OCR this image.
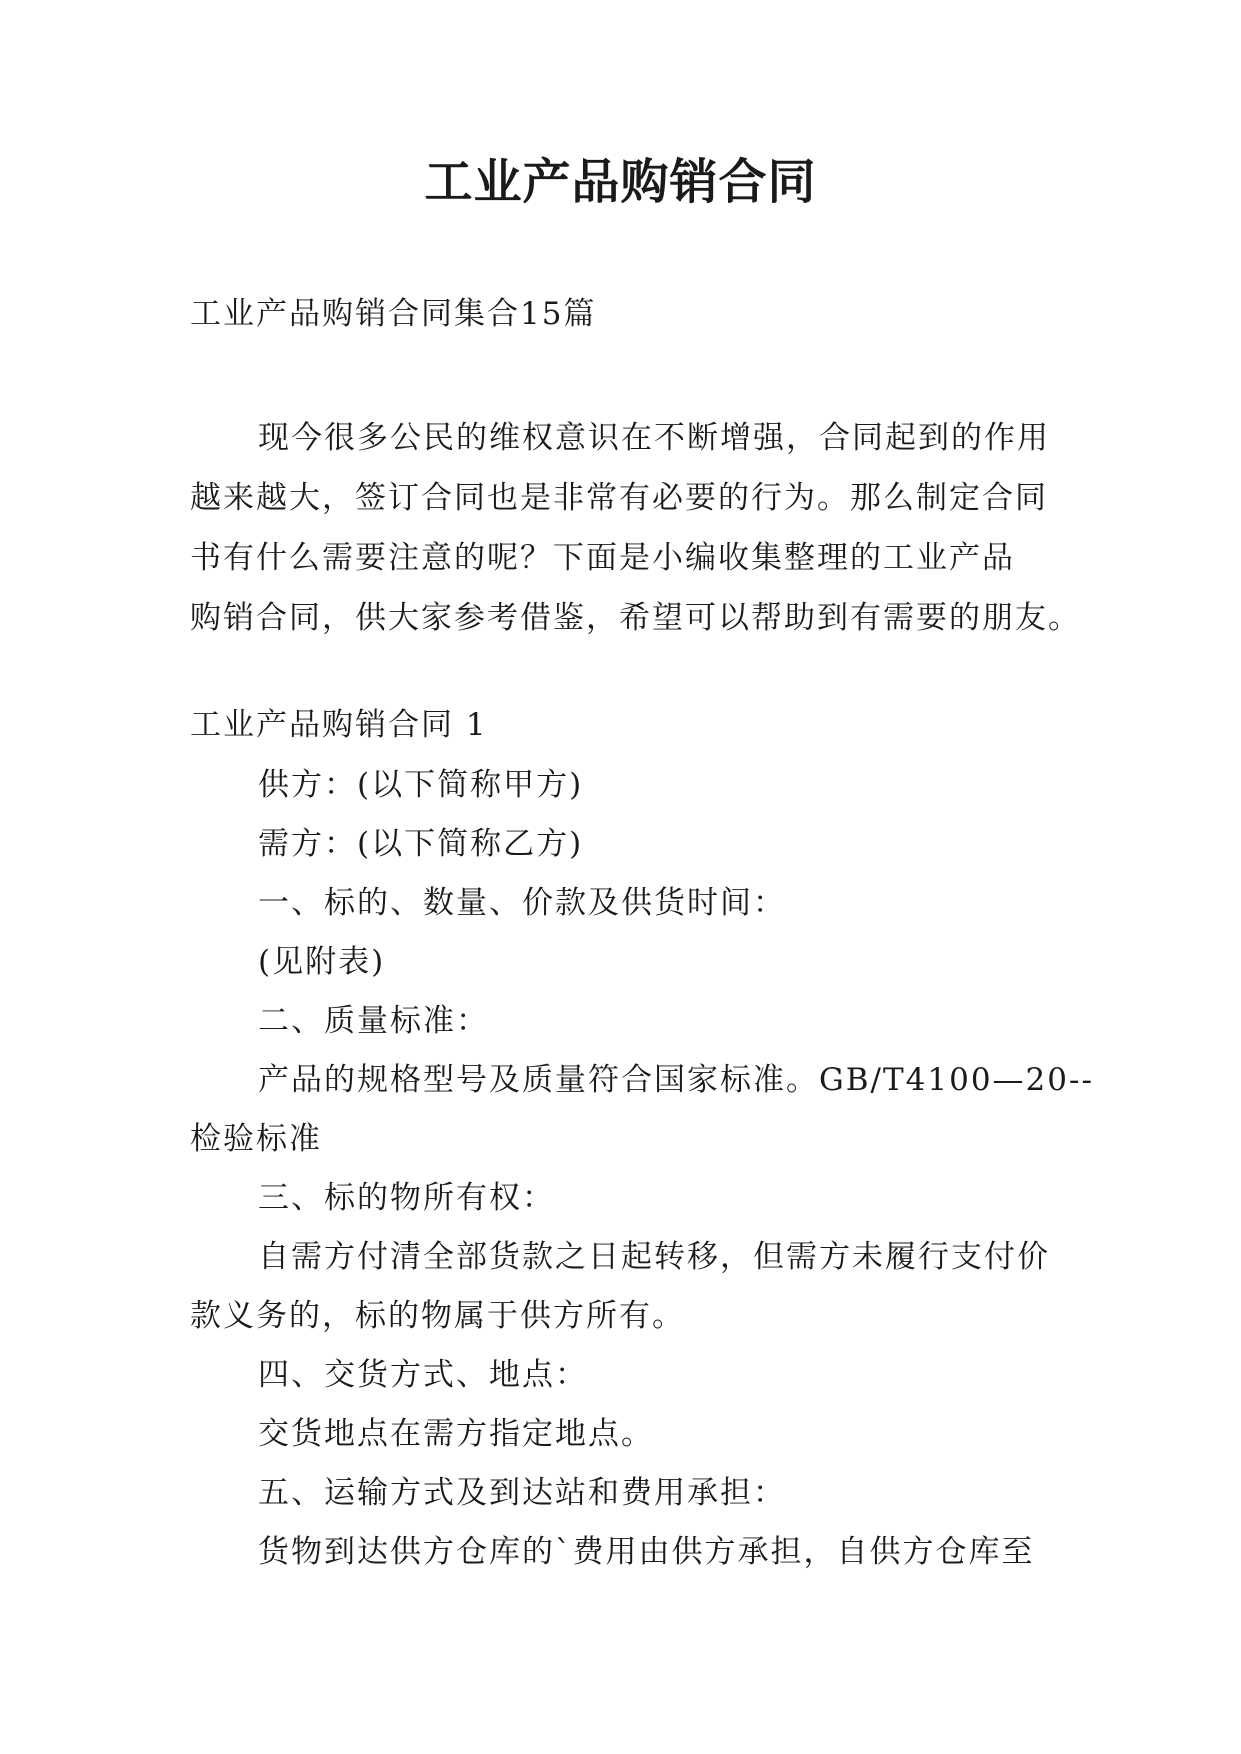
工业产品购销合同
工业产品购销合同集合15篇
现今很多公民的维权意识在不断增强，合同起到的作用
越来越大，签订合同也是非常有必要的行为。那么制定合同
书有什么需要注意的呢？下面是小编收集整理的工业产品
购销合同，供大家参考借鉴，希望可以帮助到有需要的朋友。
工业产品购销合同 1
供方：(以下简称甲方)
需方：(以下简称乙方)
一、标的、数量、价款及供货时间：
(见附表)
二、质量标准：
产品的规格型号及质量符合国家标准。GB/T4100—20--
检验标准
三、标的物所有权：
自需方付清全部货款之日起转移，但需方未履行支付价
款义务的，标的物属于供方所有。
四、交货方式、地点：
交货地点在需方指定地点。
五、运输方式及到达站和费用承担：
货物到达供方仓库的`费用由供方承担，自供方仓库至
